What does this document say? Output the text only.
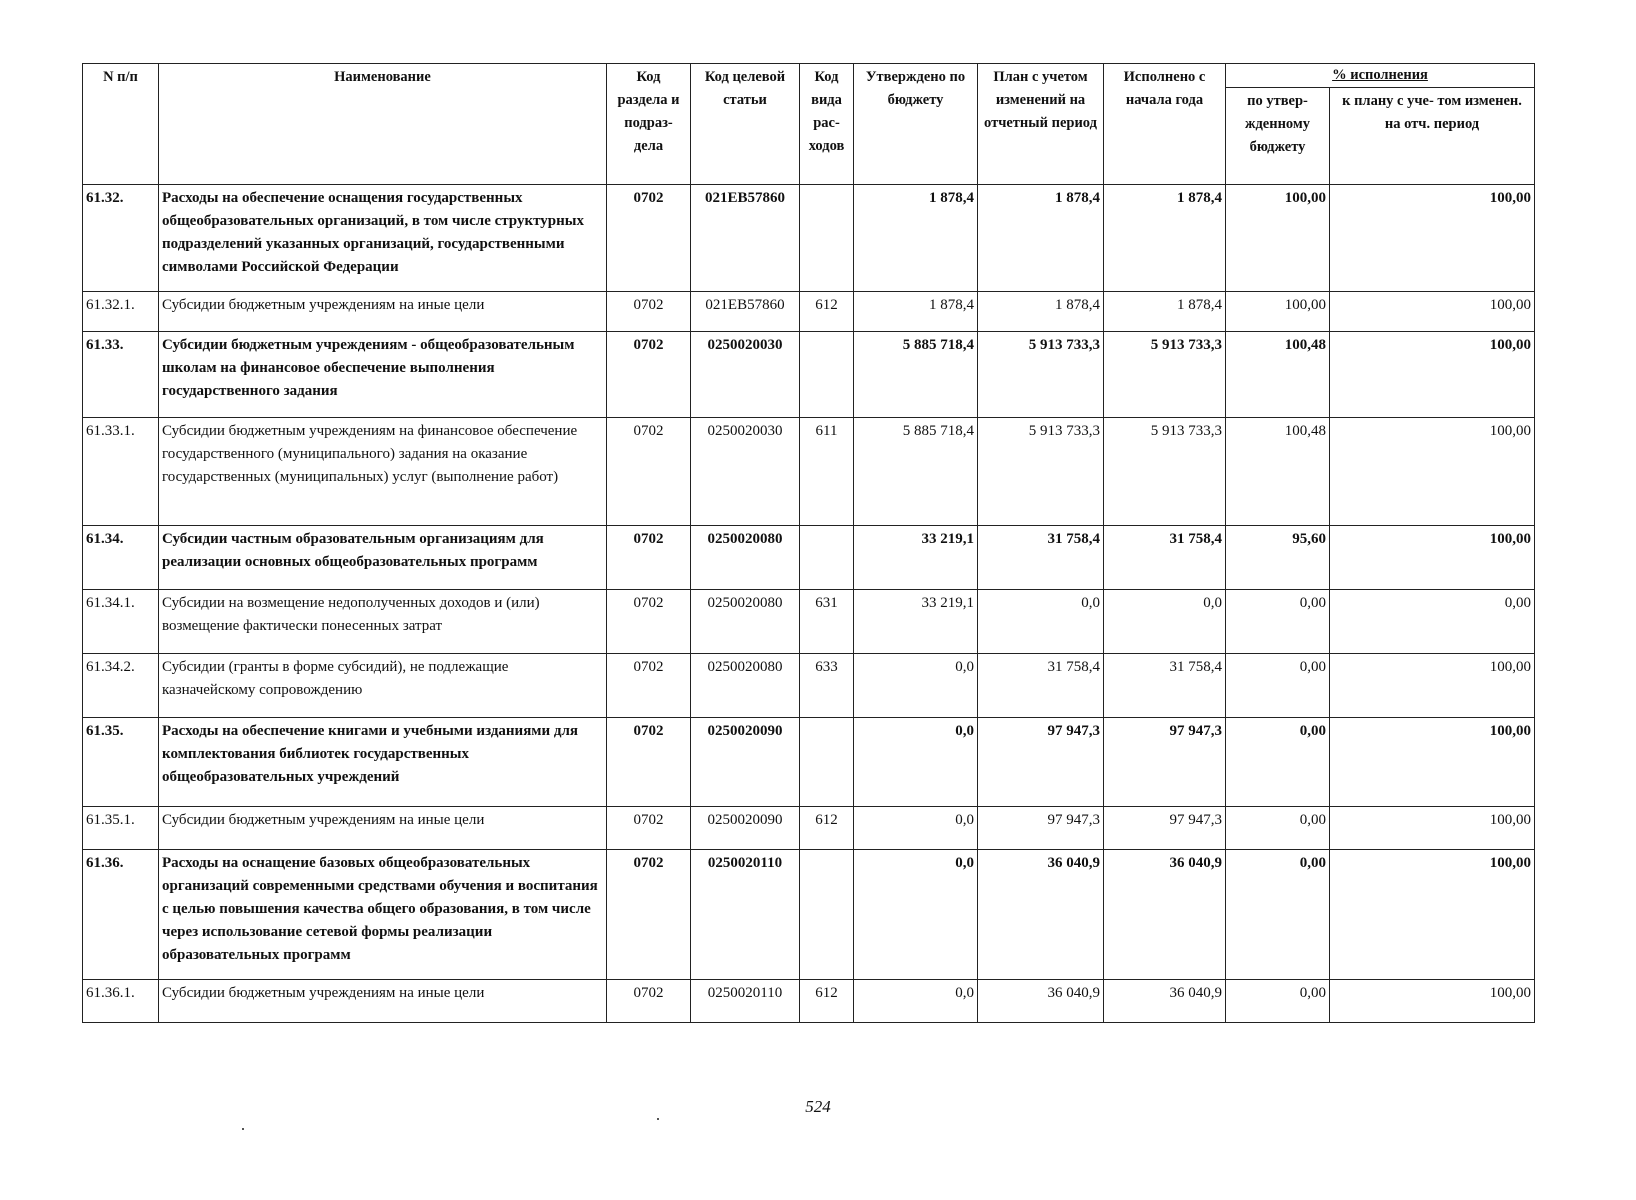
N п/п	Наименование	Код раздела и подраз- дела	Код целевой статьи	Код вида рас- ходов	Утверждено по бюджету	План с учетом изменений на отчетный период	Исполнено с начала года	% исполнения	
								по утвер- жденному бюджету	к плану с уче- том изменен. на отч. период
61.32.	Расходы на обеспечение оснащения государственных общеобразовательных организаций, в том числе структурных подразделений указанных организаций, государственными символами Российской Федерации	0702	021EB57860		1 878,4	1 878,4	1 878,4	100,00	100,00
61.32.1.	Субсидии бюджетным учреждениям на иные цели	0702	021EB57860	612	1 878,4	1 878,4	1 878,4	100,00	100,00
61.33.	Субсидии бюджетным учреждениям - общеобразовательным школам на финансовое обеспечение выполнения государственного задания	0702	0250020030		5 885 718,4	5 913 733,3	5 913 733,3	100,48	100,00
61.33.1.	Субсидии бюджетным учреждениям на финансовое обеспечение государственного (муниципального) задания на оказание государственных (муниципальных) услуг (выполнение работ)	0702	0250020030	611	5 885 718,4	5 913 733,3	5 913 733,3	100,48	100,00
61.34.	Субсидии частным образовательным организациям для реализации основных общеобразовательных программ	0702	0250020080		33 219,1	31 758,4	31 758,4	95,60	100,00
61.34.1.	Субсидии на возмещение недополученных доходов и (или) возмещение фактически понесенных затрат	0702	0250020080	631	33 219,1	0,0	0,0	0,00	0,00
61.34.2.	Субсидии (гранты в форме субсидий), не подлежащие казначейскому сопровождению	0702	0250020080	633	0,0	31 758,4	31 758,4	0,00	100,00
61.35.	Расходы на обеспечение книгами и учебными изданиями для комплектования библиотек государственных общеобразовательных учреждений	0702	0250020090		0,0	97 947,3	97 947,3	0,00	100,00
61.35.1.	Субсидии бюджетным учреждениям на иные цели	0702	0250020090	612	0,0	97 947,3	97 947,3	0,00	100,00
61.36.	Расходы на оснащение базовых общеобразовательных организаций современными средствами обучения и воспитания с целью повышения качества общего образования, в том числе через использование сетевой формы реализации образовательных программ	0702	0250020110		0,0	36 040,9	36 040,9	0,00	100,00
61.36.1.	Субсидии бюджетным учреждениям на иные цели	0702	0250020110	612	0,0	36 040,9	36 040,9	0,00	100,00
524
